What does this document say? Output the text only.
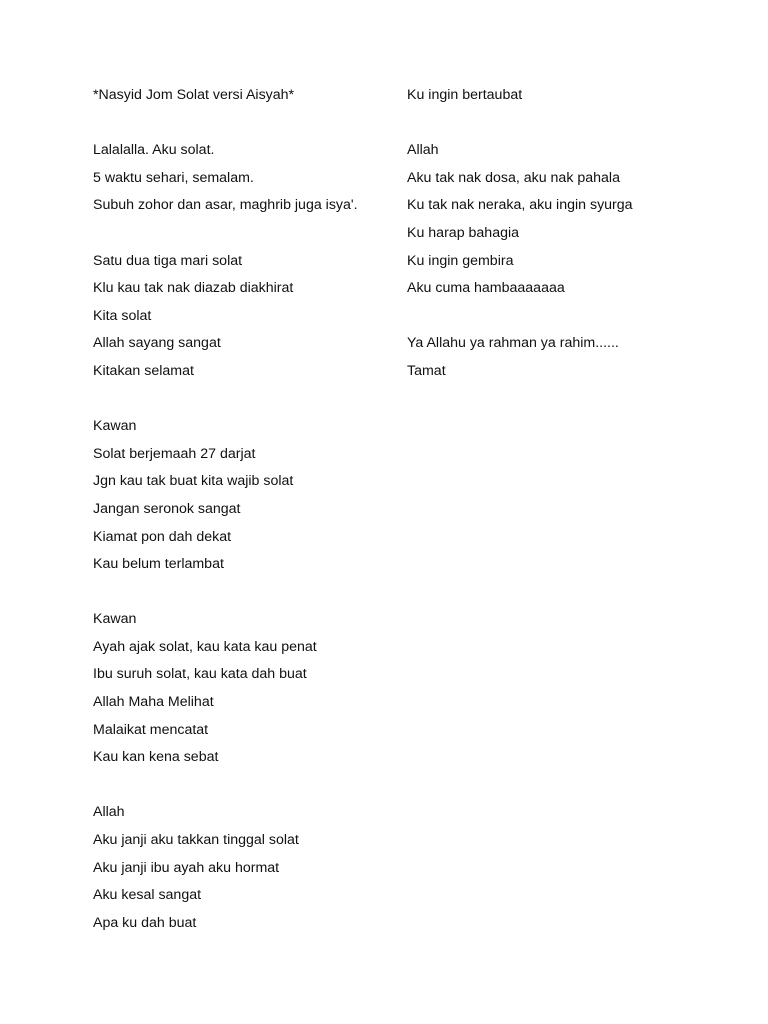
*Nasyid Jom Solat versi Aisyah*
Lalalalla. Aku solat.
5 waktu sehari, semalam.
Subuh zohor dan asar, maghrib juga isya'.
Satu dua tiga mari solat
Klu kau tak nak diazab diakhirat
Kita solat
Allah sayang sangat
Kitakan selamat
Kawan
Solat berjemaah 27 darjat
Jgn kau tak buat kita wajib solat
Jangan seronok sangat
Kiamat pon dah dekat
Kau belum terlambat
Kawan
Ayah ajak solat, kau kata kau penat
Ibu suruh solat, kau kata dah buat
Allah Maha Melihat
Malaikat mencatat
Kau kan kena sebat
Allah
Aku janji aku takkan tinggal solat
Aku janji ibu ayah aku hormat
Aku kesal sangat
Apa ku dah buat
Ku ingin bertaubat
Allah
Aku tak nak dosa, aku nak pahala
Ku tak nak neraka, aku ingin syurga
Ku harap bahagia
Ku ingin gembira
Aku cuma hambaaaaaaa
Ya Allahu ya rahman ya rahim......
Tamat
